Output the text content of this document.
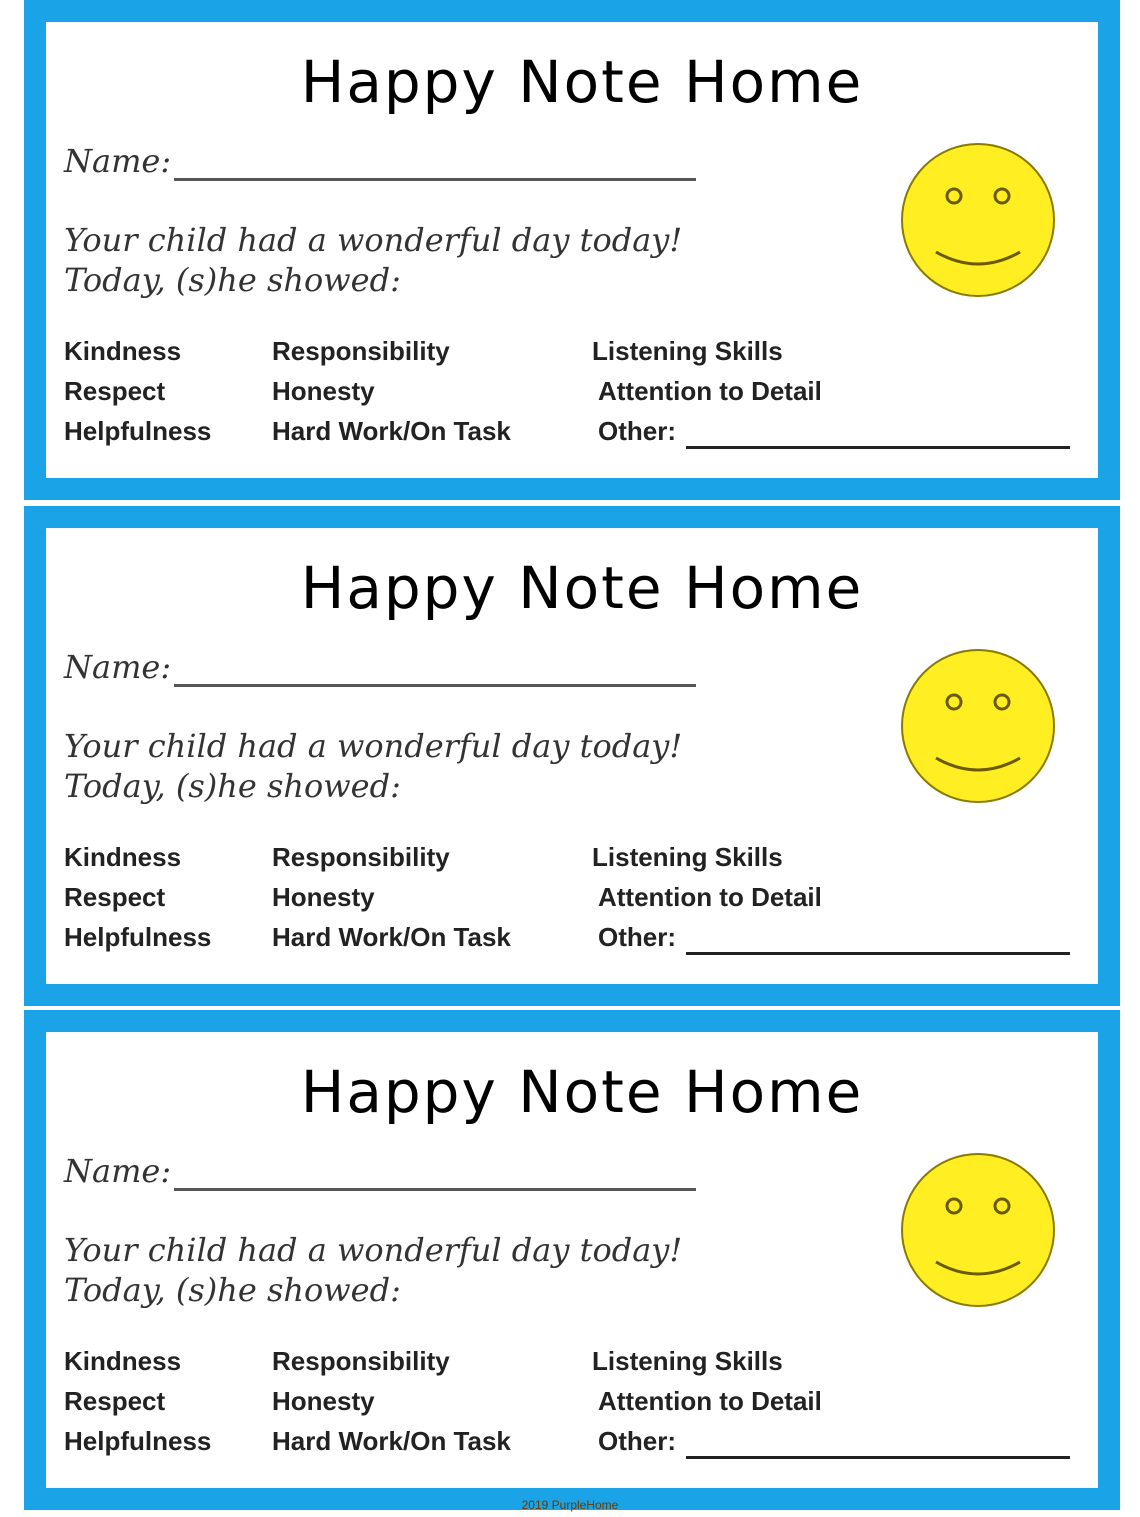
Happy Note Home
Name:
Your child had a wonderful day today!
Today, (s)he showed:
Kindness
Respect
Helpfulness
Responsibility
Honesty
Hard Work/On Task
Listening Skills
Attention to Detail
Other:
Happy Note Home
Name:
Your child had a wonderful day today!
Today, (s)he showed:
Kindness
Respect
Helpfulness
Responsibility
Honesty
Hard Work/On Task
Listening Skills
Attention to Detail
Other:
Happy Note Home
Name:
Your child had a wonderful day today!
Today, (s)he showed:
Kindness
Respect
Helpfulness
Responsibility
Honesty
Hard Work/On Task
Listening Skills
Attention to Detail
Other:
2019 PurpleHome
